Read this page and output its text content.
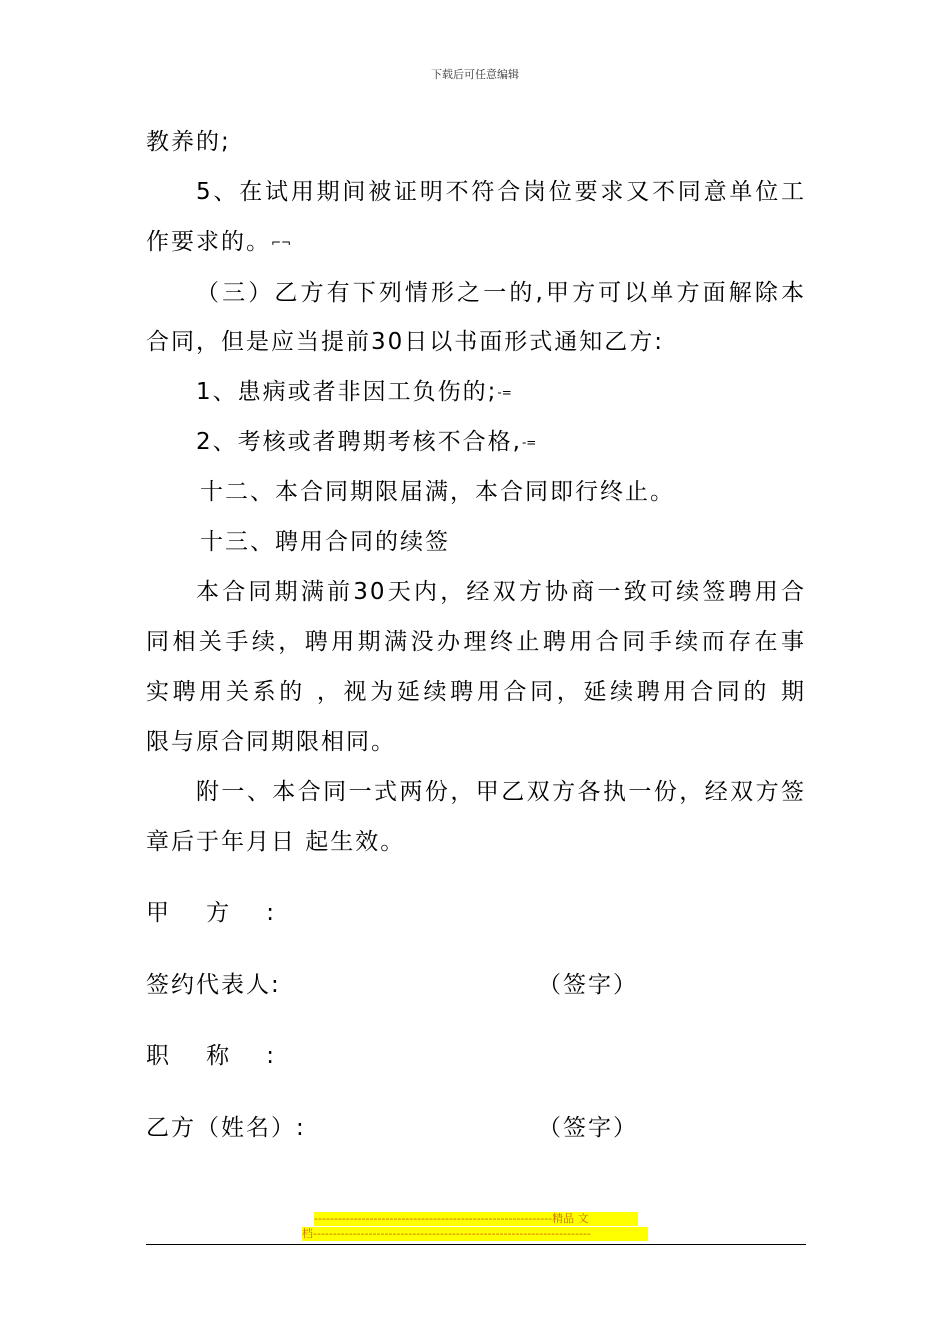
下载后可任意编辑
教养的;
5、在试用期间被证明不符合岗位要求又不同意单位工
作要求的。⌐¬
（三）乙方有下列情形之一的,甲方可以单方面解除本
合同，但是应当提前30日以书面形式通知乙方:
1、患病或者非因工负伤的;-=
2、考核或者聘期考核不合格,-=
十二、本合同期限届满，本合同即行终止。
十三、聘用合同的续签
本合同期满前30天内，经双方协商一致可续签聘用合
同相关手续，聘用期满没办理终止聘用合同手续而存在事
实聘用关系的 ，视为延续聘用合同，延续聘用合同的 期
限与原合同期限相同。
附一、本合同一式两份，甲乙双方各执一份，经双方签
章后于年月日 起生效。
甲方:
签约代表人:	（签字）
职称:
乙方（姓名）:	（签字）
------------------------------------------------------------精品 文
档----------------------------------------------------------------------
